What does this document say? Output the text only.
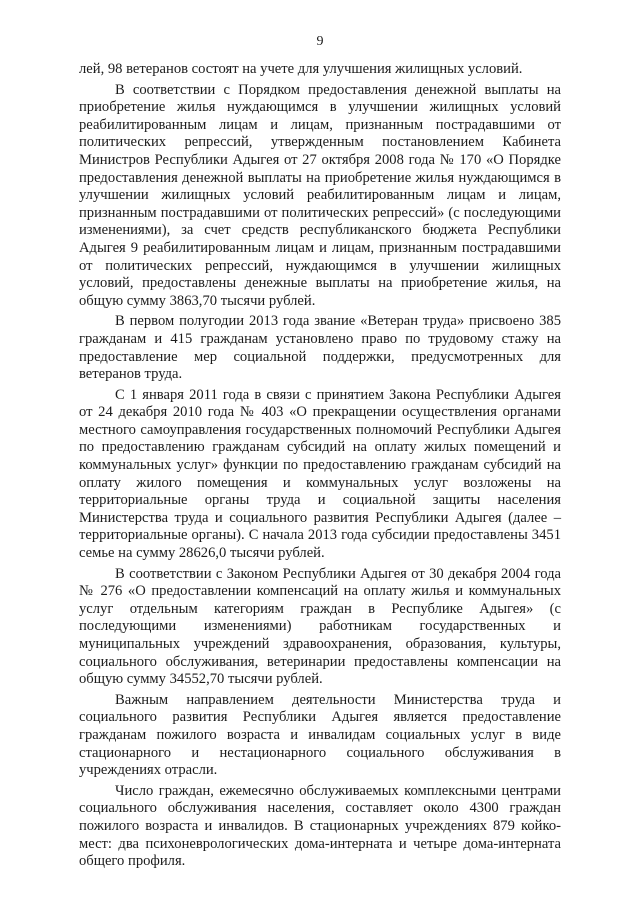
9

лей, 98 ветеранов состоят на учете для улучшения жилищных условий.

В соответствии с Порядком предоставления денежной выплаты на приобретение жилья нуждающимся в улучшении жилищных условий реабилитированным лицам и лицам, признанным пострадавшими от политических репрессий, утвержденным постановлением Кабинета Министров Республики Адыгея от 27 октября 2008 года № 170 «О Порядке предоставления денежной выплаты на приобретение жилья нуждающимся в улучшении жилищных условий реабилитированным лицам и лицам, признанным пострадавшими от политических репрессий» (с последующими изменениями), за счет средств республиканского бюджета Республики Адыгея 9 реабилитированным лицам и лицам, признанным пострадавшими от политических репрессий, нуждающимся в улучшении жилищных условий, предоставлены денежные выплаты на приобретение жилья, на общую сумму 3863,70 тысячи рублей.

В первом полугодии 2013 года звание «Ветеран труда» присвоено 385 гражданам и 415 гражданам установлено право по трудовому стажу на предоставление мер социальной поддержки, предусмотренных для ветеранов труда.

С 1 января 2011 года в связи с принятием Закона Республики Адыгея от 24 декабря 2010 года № 403 «О прекращении осуществления органами местного самоуправления государственных полномочий Республики Адыгея по предоставлению гражданам субсидий на оплату жилых помещений и коммунальных услуг» функции по предоставлению гражданам субсидий на оплату жилого помещения и коммунальных услуг возложены на территориальные органы труда и социальной защиты населения Министерства труда и социального развития Республики Адыгея (далее – территориальные органы). С начала 2013 года субсидии предоставлены 3451 семье на сумму 28626,0 тысячи рублей.

В соответствии с Законом Республики Адыгея от 30 декабря 2004 года № 276 «О предоставлении компенсаций на оплату жилья и коммунальных услуг отдельным категориям граждан в Республике Адыгея» (с последующими изменениями) работникам государственных и муниципальных учреждений здравоохранения, образования, культуры, социального обслуживания, ветеринарии предоставлены компенсации на общую сумму 34552,70 тысячи рублей.

Важным направлением деятельности Министерства труда и социального развития Республики Адыгея является предоставление гражданам пожилого возраста и инвалидам социальных услуг в виде стационарного и нестационарного социального обслуживания в учреждениях отрасли.

Число граждан, ежемесячно обслуживаемых комплексными центрами социального обслуживания населения, составляет около 4300 граждан пожилого возраста и инвалидов. В стационарных учреждениях 879 койко-мест: два психоневрологических дома-интерната и четыре дома-интерната общего профиля.
